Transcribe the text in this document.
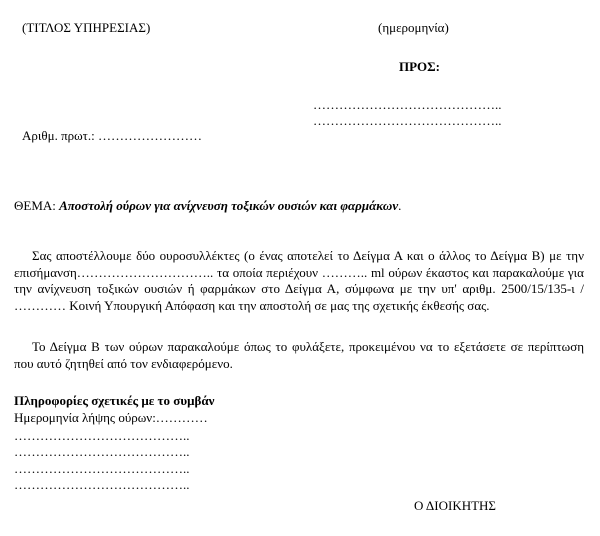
(ΤΙΤΛΟΣ ΥΠΗΡΕΣΙΑΣ)	(ημερομηνία)
ΠΡΟΣ:
……………………………………..
……………………………………..
Αριθμ. πρωτ.: ……………………
ΘΕΜΑ: Αποστολή ούρων για ανίχνευση τοξικών ουσιών και φαρμάκων.
Σας αποστέλλουμε δύο ουροσυλλέκτες (ο ένας αποτελεί το Δείγμα Α και ο άλλος το Δείγμα Β) με την επισήμανση………………………….. τα οποία περιέχουν ……….. ml ούρων έκαστος και παρακαλούμε για την ανίχνευση τοξικών ουσιών ή φαρμάκων στο Δείγμα Α, σύμφωνα με την υπ' αριθμ. 2500/15/135-ι / ………… Κοινή Υπουργική Απόφαση και την αποστολή σε μας της σχετικής έκθεσής σας.
Το Δείγμα Β των ούρων παρακαλούμε όπως το φυλάξετε, προκειμένου να το εξετάσετε σε περίπτωση που αυτό ζητηθεί από τον ενδιαφερόμενο.
Πληροφορίες σχετικές με το συμβάν
Ημερομηνία λήψης ούρων:…………
…………………………………..
…………………………………..
…………………………………..
…………………………………..
Ο ΔΙΟΙΚΗΤΗΣ
